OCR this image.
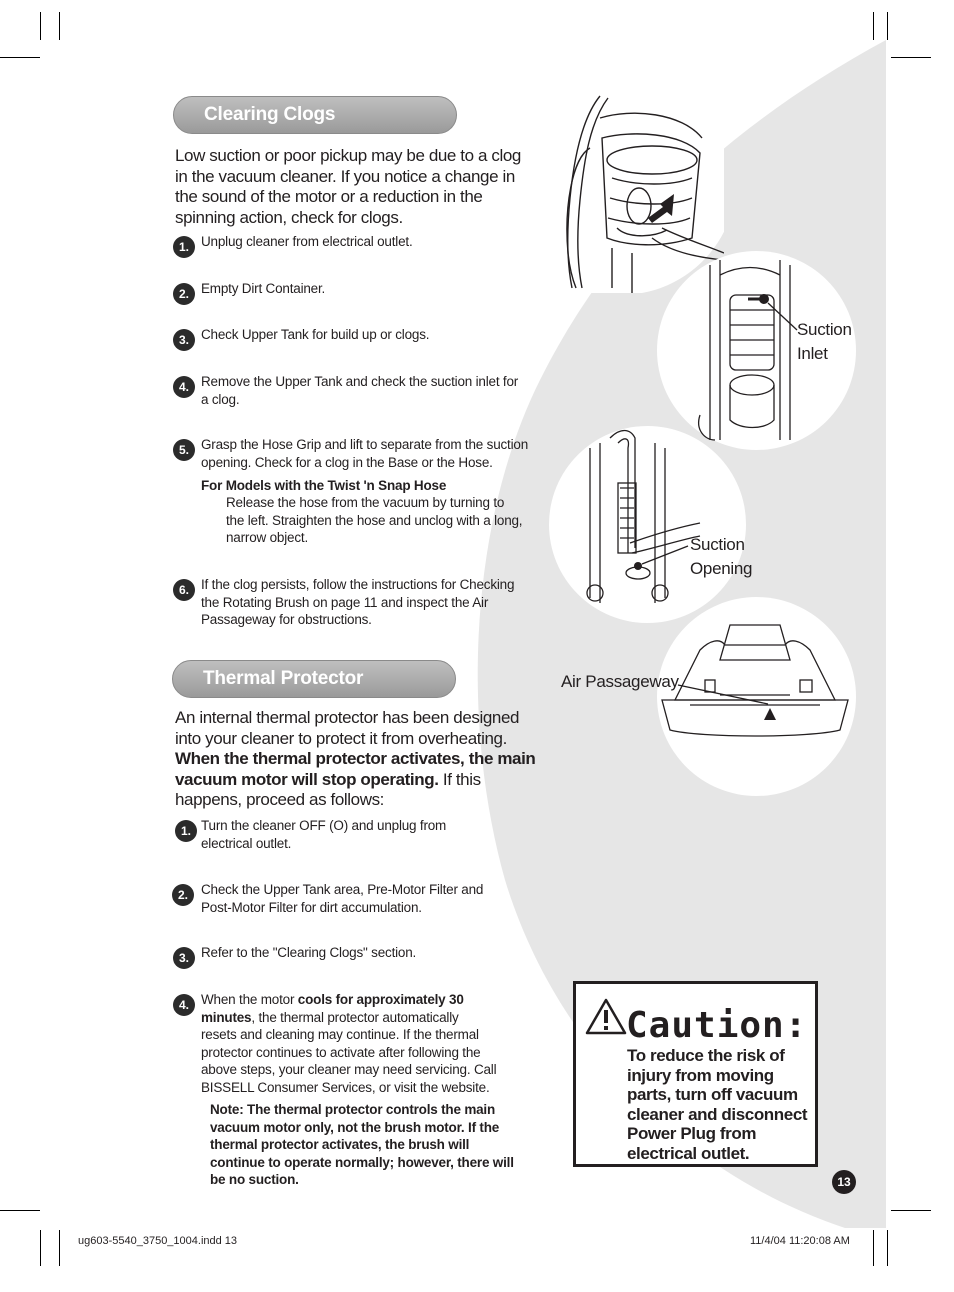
Clearing Clogs
Low suction or poor pickup may be due to a clog
in the vacuum cleaner. If you notice a change in
the sound of the motor or a reduction in the
spinning action, check for clogs.
1. Unplug cleaner from electrical outlet.
2. Empty Dirt Container.
3. Check Upper Tank for build up or clogs.
4. Remove the Upper Tank and check the suction inlet for
a clog.
5. Grasp the Hose Grip and lift to separate from the suction
opening. Check for a clog in the Base or the Hose.
For Models with the Twist 'n Snap Hose
Release the hose from the vacuum by turning to
the left. Straighten the hose and unclog with a long,
narrow object.
6. If the clog persists, follow the instructions for Checking
the Rotating Brush on page 11 and inspect the Air
Passageway for obstructions.
Thermal Protector
An internal thermal protector has been designed
into your cleaner to protect it from overheating.
When the thermal protector activates, the main
vacuum motor will stop operating. If this
happens, proceed as follows:
1. Turn the cleaner OFF (O) and unplug from
electrical outlet.
2. Check the Upper Tank area, Pre-Motor Filter and
Post-Motor Filter for dirt accumulation.
3. Refer to the "Clearing Clogs" section.
4. When the motor cools for approximately 30
minutes, the thermal protector automatically
resets and cleaning may continue. If the thermal
protector continues to activate after following the
above steps, your cleaner may need servicing. Call
BISSELL Consumer Services, or visit the website.
Note: The thermal protector controls the main
vacuum motor only, not the brush motor. If the
thermal protector activates, the brush will
continue to operate normally; however, there will
be no suction.
Suction
Inlet
Suction
Opening
Air Passageway
Caution:
To reduce the risk of
injury from moving
parts, turn off vacuum
cleaner and disconnect
Power Plug from
electrical outlet.
13
ug603-5540_3750_1004.indd 13	11/4/04 11:20:08 AM
